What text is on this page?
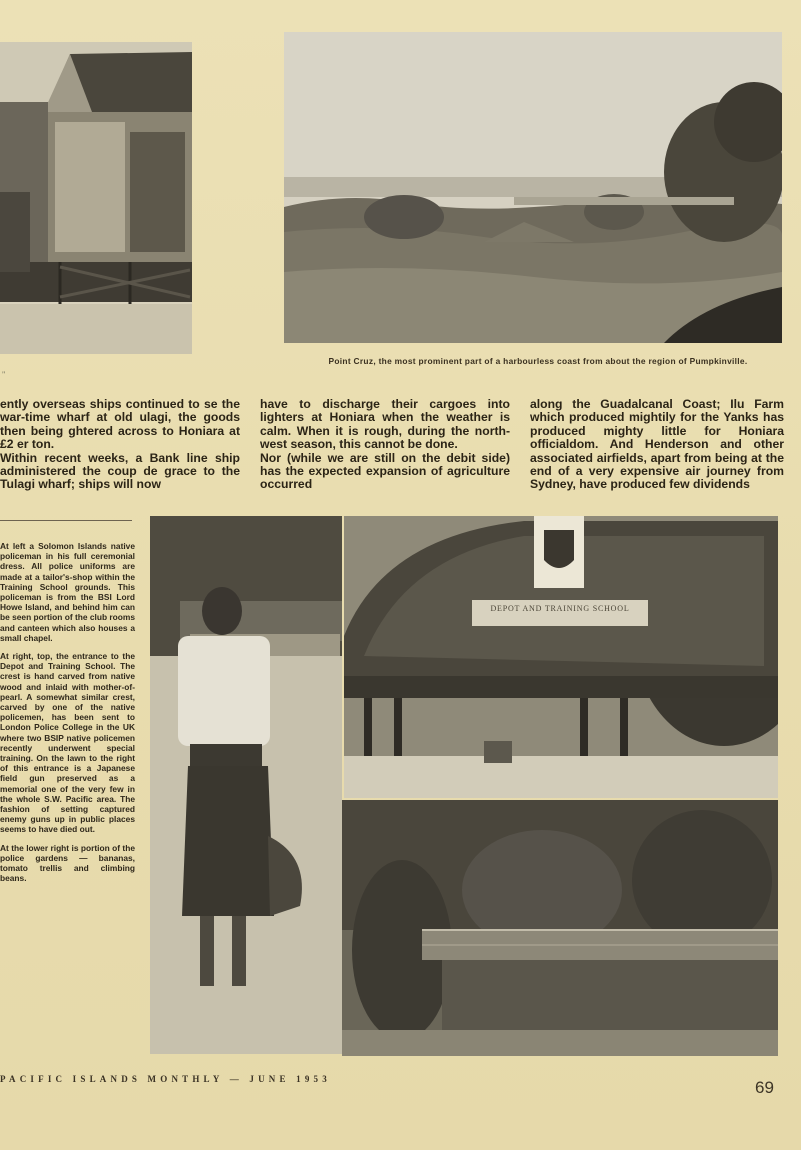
Point Cruz, the most prominent part of a harbourless coast from about the region of Pumpkinville.
"

ently overseas ships continued to se the war-time wharf at old ulagi, the goods then being ghtered across to Honiara at £2 er ton.

Within recent weeks, a Bank line ship administered the coup de grace to the Tulagi wharf; ships will now

have to discharge their cargoes into lighters at Honiara when the weather is calm. When it is rough, during the north-west season, this cannot be done.

Nor (while we are still on the debit side) has the expected expansion of agriculture occurred

along the Guadalcanal Coast; Ilu Farm which produced mightily for the Yanks has produced mighty little for Honiara officialdom. And Henderson and other associated airfields, apart from being at the end of a very expensive air journey from Sydney, have produced few dividends

At left a Solomon Islands native policeman in his full ceremonial dress. All police uniforms are made at a tailor's-shop within the Training School grounds. This policeman is from the BSI Lord Howe Island, and behind him can be seen portion of the club rooms and canteen which also houses a small chapel.

At right, top, the entrance to the Depot and Training School. The crest is hand carved from native wood and inlaid with mother-of-pearl. A somewhat similar crest, carved by one of the native policemen, has been sent to London Police College in the UK where two BSIP native policemen recently underwent special training. On the lawn to the right of this entrance is a Japanese field gun preserved as a memorial one of the very few in the whole S.W. Pacific area. The fashion of setting captured enemy guns up in public places seems to have died out.

At the lower right is portion of the police gardens — bananas, tomato trellis and climbing beans.

DEPOT AND TRAINING SCHOOL
PACIFIC ISLANDS MONTHLY — JUNE 1953	69
